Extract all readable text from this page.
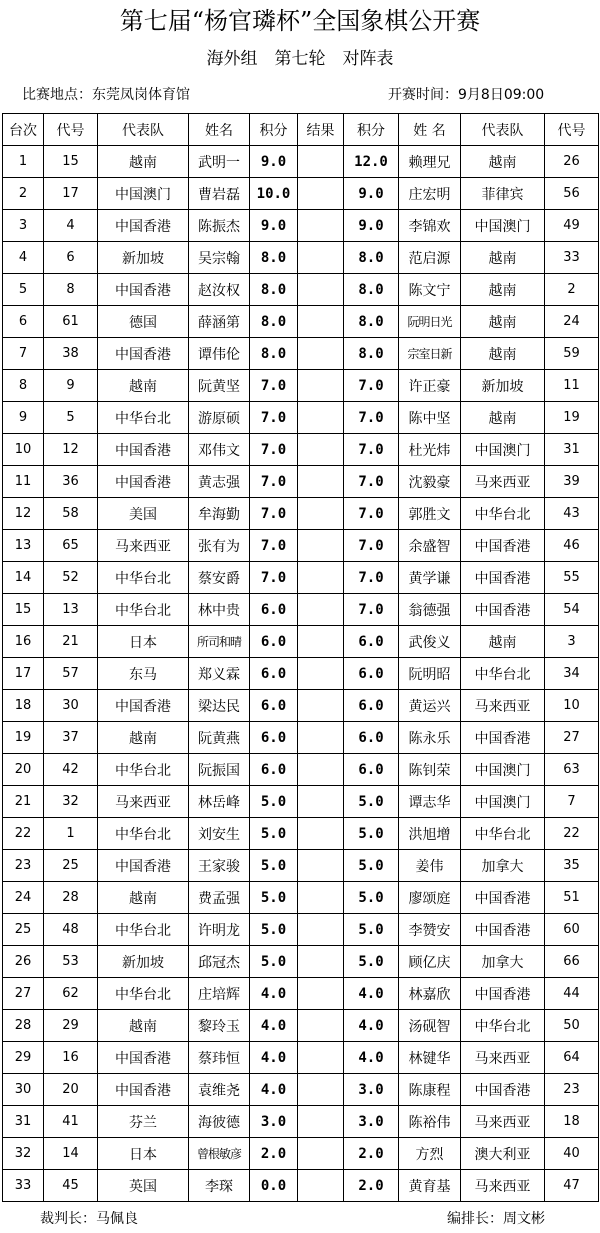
第七届“杨官璘杯”全国象棋公开赛
海外组　第七轮　对阵表
比赛地点：东莞凤岗体育馆	开赛时间：9月8日09:00
台次	代号	代表队	姓名	积分	结果	积分	姓 名	代表队	代号
1	15	越南	武明一	9.0		12.0	赖理兄	越南	26
2	17	中国澳门	曹岩磊	10.0		9.0	庄宏明	菲律宾	56
3	4	中国香港	陈振杰	9.0		9.0	李锦欢	中国澳门	49
4	6	新加坡	吴宗翰	8.0		8.0	范启源	越南	33
5	8	中国香港	赵汝权	8.0		8.0	陈文宁	越南	2
6	61	德国	薛涵第	8.0		8.0	阮明日光	越南	24
7	38	中国香港	谭伟伦	8.0		8.0	宗室日新	越南	59
8	9	越南	阮黄坚	7.0		7.0	许正豪	新加坡	11
9	5	中华台北	游原硕	7.0		7.0	陈中坚	越南	19
10	12	中国香港	邓伟文	7.0		7.0	杜光炜	中国澳门	31
11	36	中国香港	黄志强	7.0		7.0	沈毅豪	马来西亚	39
12	58	美国	牟海勤	7.0		7.0	郭胜文	中华台北	43
13	65	马来西亚	张有为	7.0		7.0	余盛智	中国香港	46
14	52	中华台北	蔡安爵	7.0		7.0	黄学谦	中国香港	55
15	13	中华台北	林中贵	6.0		7.0	翁德强	中国香港	54
16	21	日本	所司和晴	6.0		6.0	武俊义	越南	3
17	57	东马	郑义霖	6.0		6.0	阮明昭	中华台北	34
18	30	中国香港	梁达民	6.0		6.0	黄运兴	马来西亚	10
19	37	越南	阮黄燕	6.0		6.0	陈永乐	中国香港	27
20	42	中华台北	阮振国	6.0		6.0	陈钊荣	中国澳门	63
21	32	马来西亚	林岳峰	5.0		5.0	谭志华	中国澳门	7
22	1	中华台北	刘安生	5.0		5.0	洪旭增	中华台北	22
23	25	中国香港	王家骏	5.0		5.0	姜伟	加拿大	35
24	28	越南	费孟强	5.0		5.0	廖颂庭	中国香港	51
25	48	中华台北	许明龙	5.0		5.0	李赞安	中国香港	60
26	53	新加坡	邱冠杰	5.0		5.0	顾亿庆	加拿大	66
27	62	中华台北	庄培辉	4.0		4.0	林嘉欣	中国香港	44
28	29	越南	黎玲玉	4.0		4.0	汤砚智	中华台北	50
29	16	中国香港	蔡玮恒	4.0		4.0	林键华	马来西亚	64
30	20	中国香港	袁维尧	4.0		3.0	陈康程	中国香港	23
31	41	芬兰	海彼德	3.0		3.0	陈裕伟	马来西亚	18
32	14	日本	曾根敏彦	2.0		2.0	方烈	澳大利亚	40
33	45	英国	李琛	0.0		2.0	黄育基	马来西亚	47
裁判长：马佩良	编排长：周文彬
